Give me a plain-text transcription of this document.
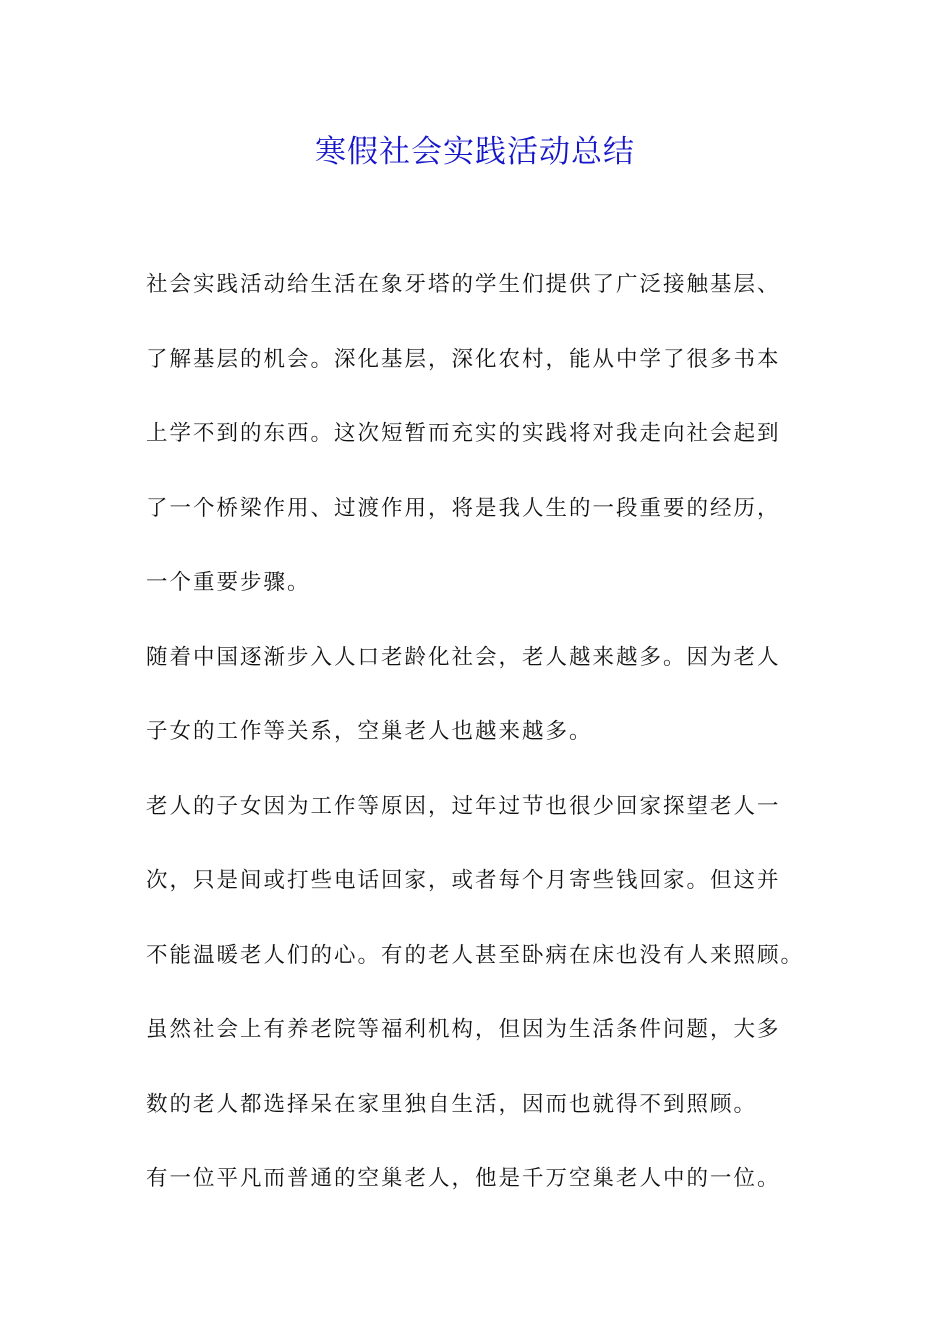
寒假社会实践活动总结
社会实践活动给生活在象牙塔的学生们提供了广泛接触基层、
了解基层的机会。深化基层，深化农村，能从中学了很多书本
上学不到的东西。这次短暂而充实的实践将对我走向社会起到
了一个桥梁作用、过渡作用，将是我人生的一段重要的经历，
一个重要步骤。
随着中国逐渐步入人口老龄化社会，老人越来越多。因为老人
子女的工作等关系，空巢老人也越来越多。
老人的子女因为工作等原因，过年过节也很少回家探望老人一
次，只是间或打些电话回家，或者每个月寄些钱回家。但这并
不能温暖老人们的心。有的老人甚至卧病在床也没有人来照顾。
虽然社会上有养老院等福利机构，但因为生活条件问题，大多
数的老人都选择呆在家里独自生活，因而也就得不到照顾。
有一位平凡而普通的空巢老人，他是千万空巢老人中的一位。
